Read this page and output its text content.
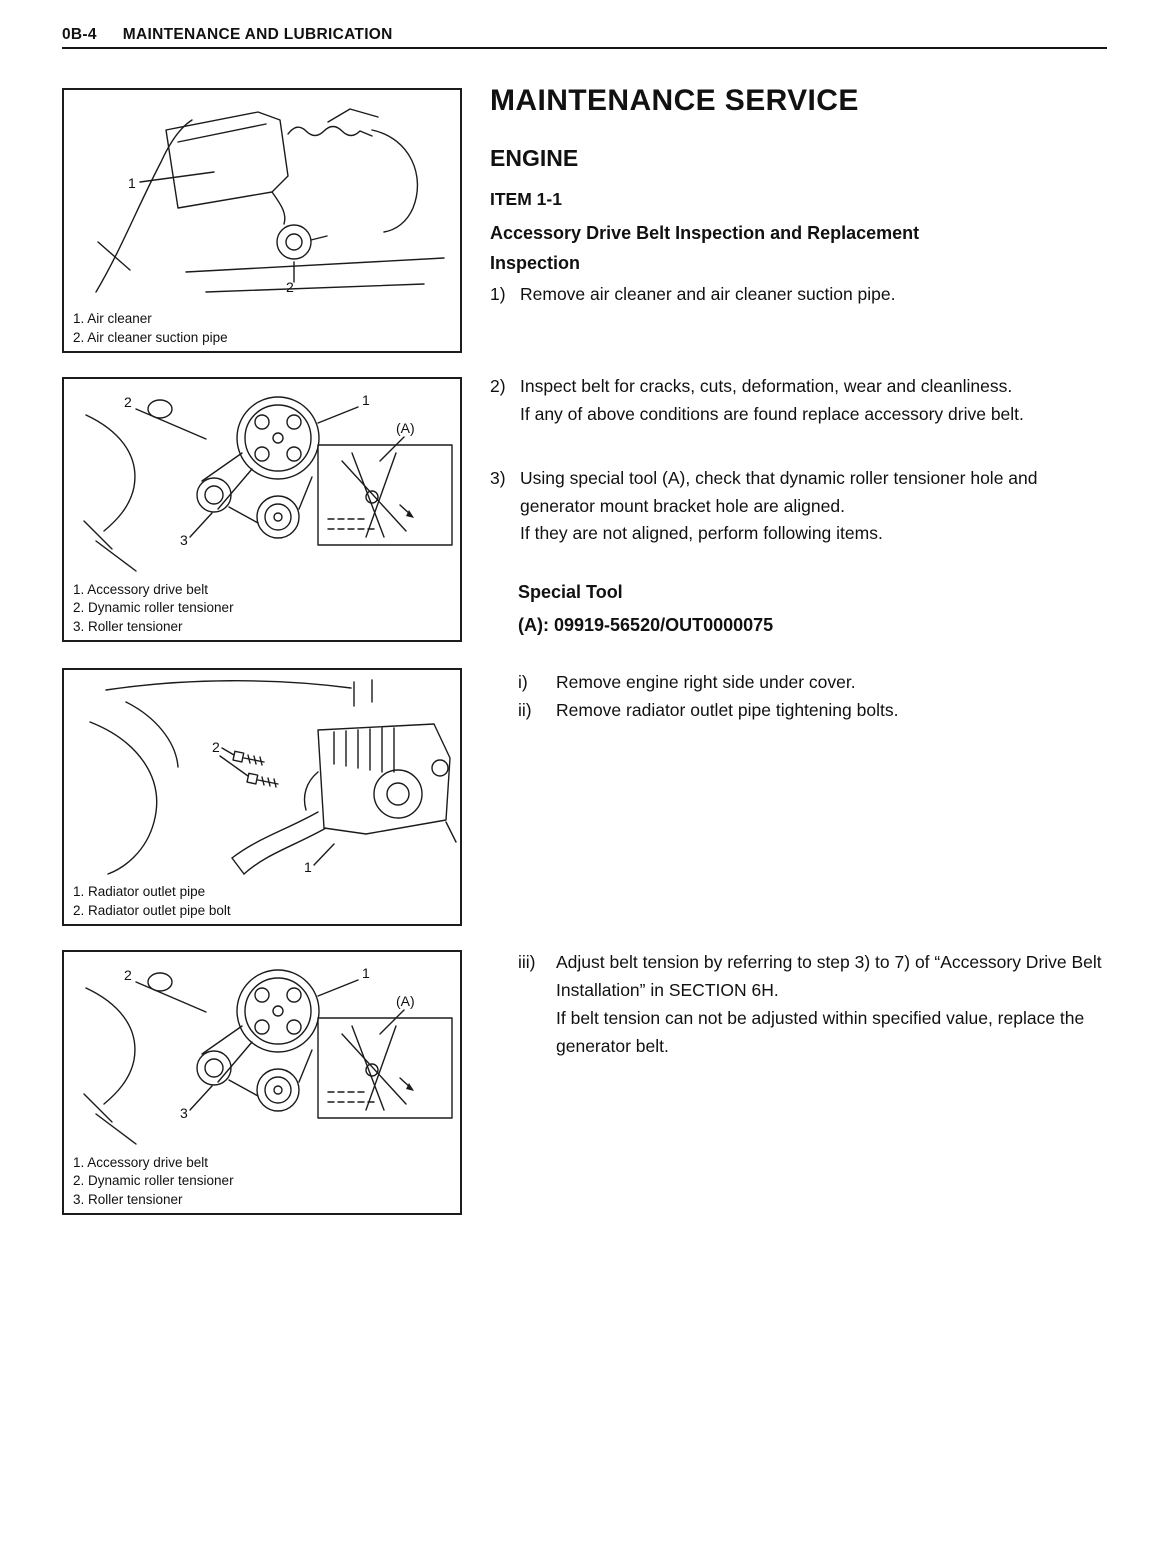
0B-4 MAINTENANCE AND LUBRICATION
1
2
1. Air cleaner
2. Air cleaner suction pipe
2	1
(A)
3
1. Accessory drive belt
2. Dynamic roller tensioner
3. Roller tensioner
2
1
1. Radiator outlet pipe
2. Radiator outlet pipe bolt
2	1
(A)
3
1. Accessory drive belt
2. Dynamic roller tensioner
3. Roller tensioner
MAINTENANCE SERVICE
ENGINE
ITEM 1-1
Accessory Drive Belt Inspection and Replacement
Inspection
1) Remove air cleaner and air cleaner suction pipe.
2) Inspect belt for cracks, cuts, deformation, wear and cleanliness.
If any of above conditions are found replace accessory drive belt.
3) Using special tool (A), check that dynamic roller tensioner hole and generator mount bracket hole are aligned.
If they are not aligned, perform following items.
Special Tool
(A): 09919-56520/OUT0000075
i)	Remove engine right side under cover.
ii)	Remove radiator outlet pipe tightening bolts.
iii)	Adjust belt tension by referring to step 3) to 7) of “Accessory Drive Belt Installation” in SECTION 6H.
If belt tension can not be adjusted within specified value, replace the generator belt.
